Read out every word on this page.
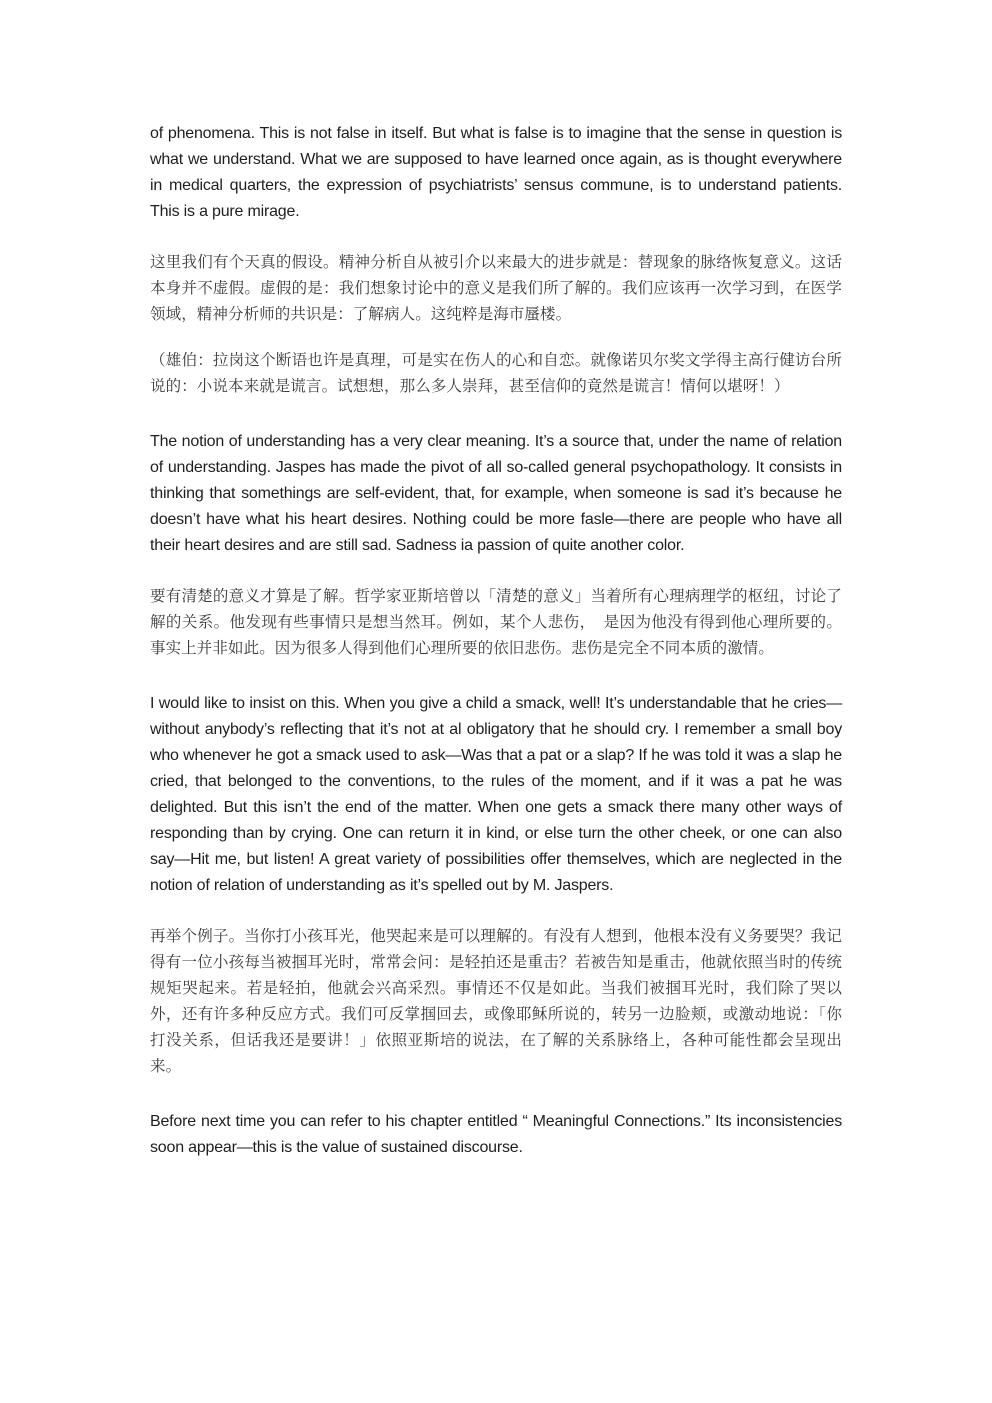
of phenomena. This is not false in itself. But what is false is to imagine that the sense in question is what we understand. What we are supposed to have learned once again, as is thought everywhere in medical quarters, the expression of psychiatrists’ sensus commune, is to understand patients. This is a pure mirage.

这里我们有个天真的假设。精神分析自从被引介以来最大的进步就是：替现象的脉络恢复意义。这话本身并不虚假。虚假的是：我们想象讨论中的意义是我们所了解的。我们应该再一次学习到，在医学领域，精神分析师的共识是：了解病人。这纯粹是海市蜃楼。

（雄伯：拉岗这个断语也许是真理，可是实在伤人的心和自恋。就像诺贝尔奖文学得主高行健访台所说的：小说本来就是谎言。试想想，那么多人崇拜，甚至信仰的竟然是谎言！情何以堪呀！）

The notion of understanding has a very clear meaning. It’s a source that, under the name of relation of understanding. Jaspes has made the pivot of all so-called general psychopathology. It consists in thinking that somethings are self-evident, that, for example, when someone is sad it’s because he doesn’t have what his heart desires. Nothing could be more fasle—there are people who have all their heart desires and are still sad. Sadness ia passion of quite another color.

要有清楚的意义才算是了解。哲学家亚斯培曾以「清楚的意义」当着所有心理病理学的枢纽，讨论了解的关系。他发现有些事情只是想当然耳。例如，某个人悲伤，　是因为他没有得到他心理所要的。事实上并非如此。因为很多人得到他们心理所要的依旧悲伤。悲伤是完全不同本质的激情。

I would like to insist on this. When you give a child a smack, well! It’s understandable that he cries—without anybody’s reflecting that it’s not at al obligatory that he should cry. I remember a small boy who whenever he got a smack used to ask—Was that a pat or a slap? If he was told it was a slap he cried, that belonged to the conventions, to the rules of the moment, and if it was a pat he was delighted. But this isn’t the end of the matter. When one gets a smack there many other ways of responding than by crying. One can return it in kind, or else turn the other cheek, or one can also say—Hit me, but listen! A great variety of possibilities offer themselves, which are neglected in the notion of relation of understanding as it’s spelled out by M. Jaspers.

再举个例子。当你打小孩耳光，他哭起来是可以理解的。有没有人想到，他根本没有义务要哭？我记得有一位小孩每当被掴耳光时，常常会问：是轻拍还是重击？若被告知是重击，他就依照当时的传统规矩哭起来。若是轻拍，他就会兴高采烈。事情还不仅是如此。当我们被掴耳光时，我们除了哭以外，还有许多种反应方式。我们可反掌掴回去，或像耶稣所说的，转另一边脸颊，或激动地说：「你打没关系，但话我还是要讲！」依照亚斯培的说法，在了解的关系脉络上，各种可能性都会呈现出来。

Before next time you can refer to his chapter entitled “ Meaningful Connections.” Its inconsistencies soon appear—this is the value of sustained discourse.
